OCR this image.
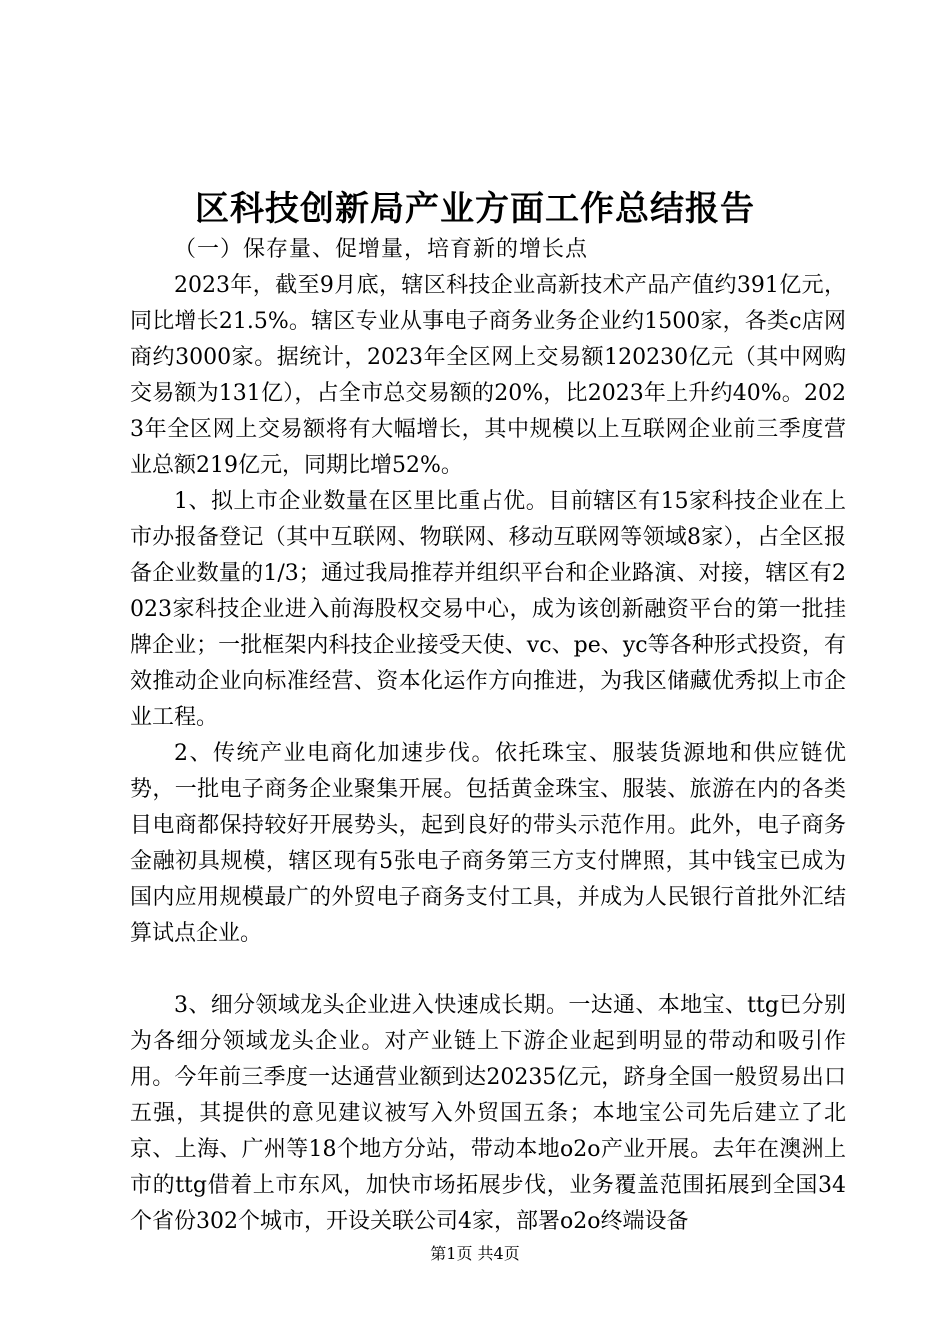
区科技创新局产业方面工作总结报告

（一）保存量、促增量，培育新的增长点

2023年，截至9月底，辖区科技企业高新技术产品产值约391亿元，同比增长21.5%。辖区专业从事电子商务业务企业约1500家，各类c店网商约3000家。据统计，2023年全区网上交易额120230亿元（其中网购交易额为131亿），占全市总交易额的20%，比2023年上升约40%。2023年全区网上交易额将有大幅增长，其中规模以上互联网企业前三季度营业总额219亿元，同期比增52%。

1、拟上市企业数量在区里比重占优。目前辖区有15家科技企业在上市办报备登记（其中互联网、物联网、移动互联网等领域8家），占全区报备企业数量的1/3；通过我局推荐并组织平台和企业路演、对接，辖区有2023家科技企业进入前海股权交易中心，成为该创新融资平台的第一批挂牌企业；一批框架内科技企业接受天使、vc、pe、yc等各种形式投资，有效推动企业向标准经营、资本化运作方向推进，为我区储藏优秀拟上市企业工程。

2、传统产业电商化加速步伐。依托珠宝、服装货源地和供应链优势，一批电子商务企业聚集开展。包括黄金珠宝、服装、旅游在内的各类目电商都保持较好开展势头，起到良好的带头示范作用。此外，电子商务金融初具规模，辖区现有5张电子商务第三方支付牌照，其中钱宝已成为国内应用规模最广的外贸电子商务支付工具，并成为人民银行首批外汇结算试点企业。

3、细分领域龙头企业进入快速成长期。一达通、本地宝、ttg已分别为各细分领域龙头企业。对产业链上下游企业起到明显的带动和吸引作用。今年前三季度一达通营业额到达20235亿元，跻身全国一般贸易出口五强，其提供的意见建议被写入外贸国五条；本地宝公司先后建立了北京、上海、广州等18个地方分站，带动本地o2o产业开展。去年在澳洲上市的ttg借着上市东风，加快市场拓展步伐，业务覆盖范围拓展到全国34个省份302个城市，开设关联公司4家，部署o2o终端设备

第1页 共4页
